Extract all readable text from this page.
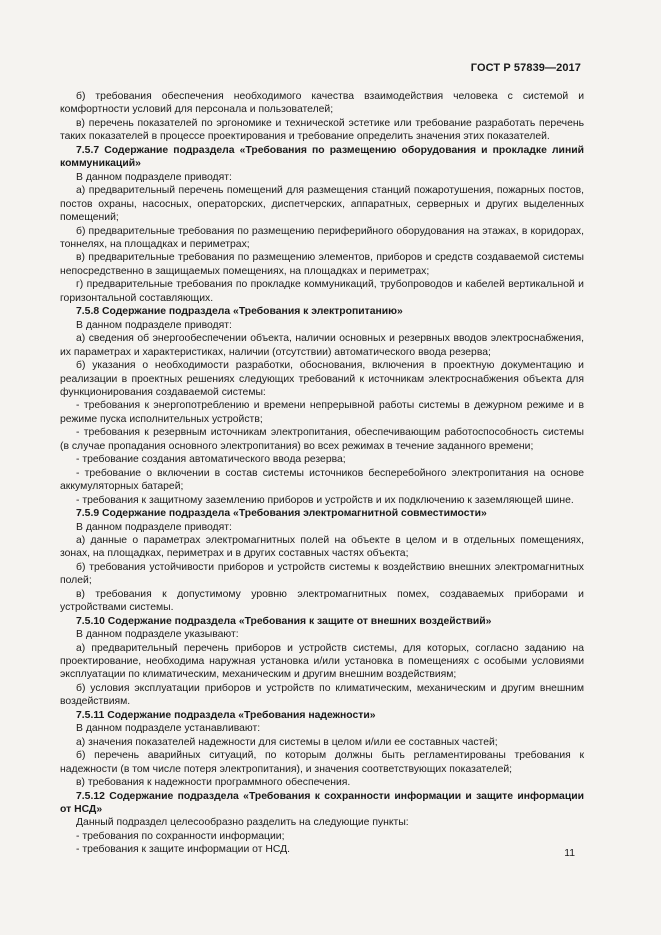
ГОСТ Р 57839—2017

б) требования обеспечения необходимого качества взаимодействия человека с системой и комфортности условий для персонала и пользователей;

в) перечень показателей по эргономике и технической эстетике или требование разработать перечень таких показателей в процессе проектирования и требование определить значения этих показателей.

7.5.7 Содержание подраздела «Требования по размещению оборудования и прокладке линий коммуникаций»

В данном подразделе приводят:

а) предварительный перечень помещений для размещения станций пожаротушения, пожарных постов, постов охраны, насосных, операторских, диспетчерских, аппаратных, серверных и других выделенных помещений;

б) предварительные требования по размещению периферийного оборудования на этажах, в коридорах, тоннелях, на площадках и периметрах;

в) предварительные требования по размещению элементов, приборов и средств создаваемой системы непосредственно в защищаемых помещениях, на площадках и периметрах;

г) предварительные требования по прокладке коммуникаций, трубопроводов и кабелей вертикальной и горизонтальной составляющих.

7.5.8 Содержание подраздела «Требования к электропитанию»

В данном подразделе приводят:

а) сведения об энергообеспечении объекта, наличии основных и резервных вводов электроснабжения, их параметрах и характеристиках, наличии (отсутствии) автоматического ввода резерва;

б) указания о необходимости разработки, обоснования, включения в проектную документацию и реализации в проектных решениях следующих требований к источникам электроснабжения объекта для функционирования создаваемой системы:

- требования к энергопотреблению и времени непрерывной работы системы в дежурном режиме и в режиме пуска исполнительных устройств;

- требования к резервным источникам электропитания, обеспечивающим работоспособность системы (в случае пропадания основного электропитания) во всех режимах в течение заданного времени;

- требование создания автоматического ввода резерва;

- требование о включении в состав системы источников бесперебойного электропитания на основе аккумуляторных батарей;

- требования к защитному заземлению приборов и устройств и их подключению к заземляющей шине.

7.5.9 Содержание подраздела «Требования электромагнитной совместимости»

В данном подразделе приводят:

а) данные о параметрах электромагнитных полей на объекте в целом и в отдельных помещениях, зонах, на площадках, периметрах и в других составных частях объекта;

б) требования устойчивости приборов и устройств системы к воздействию внешних электромагнитных полей;

в) требования к допустимому уровню электромагнитных помех, создаваемых приборами и устройствами системы.

7.5.10 Содержание подраздела «Требования к защите от внешних воздействий»

В данном подразделе указывают:

а) предварительный перечень приборов и устройств системы, для которых, согласно заданию на проектирование, необходима наружная установка и/или установка в помещениях с особыми условиями эксплуатации по климатическим, механическим и другим внешним воздействиям;

б) условия эксплуатации приборов и устройств по климатическим, механическим и другим внешним воздействиям.

7.5.11 Содержание подраздела «Требования надежности»

В данном подразделе устанавливают:

а) значения показателей надежности для системы в целом и/или ее составных частей;

б) перечень аварийных ситуаций, по которым должны быть регламентированы требования к надежности (в том числе потеря электропитания), и значения соответствующих показателей;

в) требования к надежности программного обеспечения.

7.5.12 Содержание подраздела «Требования к сохранности информации и защите информации от НСД»

Данный подраздел целесообразно разделить на следующие пункты:

- требования по сохранности информации;

- требования к защите информации от НСД.	11
